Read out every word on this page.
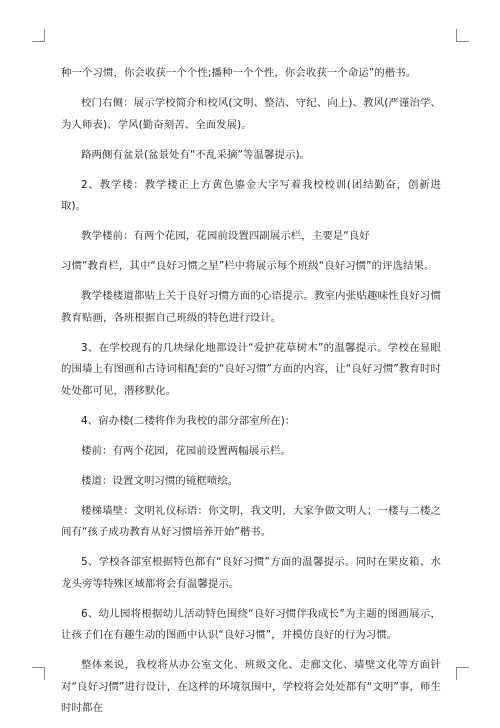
种一个习惯，你会收获一个个性;播种一个个性，你会收获一个命运”的楷书。

校门右侧：展示学校简介和校风(文明、整洁、守纪、向上)、教风(严谨治学、为人师表)、学风(勤奋刻苦、全面发展)。

路两侧有盆景(盆景处有“不乱采摘”等温馨提示)。

2、教学楼：教学楼正上方黄色鎏金大字写着我校校训(团结勤奋，创新进取)。

教学楼前：有两个花园，花园前设置四副展示栏，主要是“良好

习惯”教育栏，其中“良好习惯之星”栏中将展示每个班级“良好习惯”的评选结果。

教学楼楼道都贴上关于良好习惯方面的心语提示。教室内张贴趣味性良好习惯教育贴画，各班根据自己班级的特色进行设计。

3、在学校现有的几块绿化地都设计“爱护花草树木”的温馨提示。学校在显眼的围墙上有图画和古诗词相配套的“良好习惯”方面的内容，让“良好习惯”教育时时处处都可见，潜移默化。

4、宿办楼(二楼将作为我校的部分部室所在)：

楼前：有两个花园，花园前设置两幅展示栏。

楼道：设置文明习惯的镜框喷绘。

楼梯墙壁：文明礼仪标语：你文明，我文明，大家争做文明人；一楼与二楼之间有“孩子成功教育从好习惯培养开始”楷书。

5、学校各部室根据特色都有“良好习惯”方面的温馨提示。同时在果皮箱、水龙头旁等特殊区域都将会有温馨提示。

6、幼儿园将根据幼儿活动特色围绕“良好习惯伴我成长”为主题的图画展示，让孩子们在有趣生动的图画中认识“良好习惯”，并模仿良好的行为习惯。

整体来说，我校将从办公室文化、班级文化、走廊文化、墙壁文化等方面针对“良好习惯”进行设计，在这样的环境氛围中，学校将会处处都有“文明”事，师生时时都在
